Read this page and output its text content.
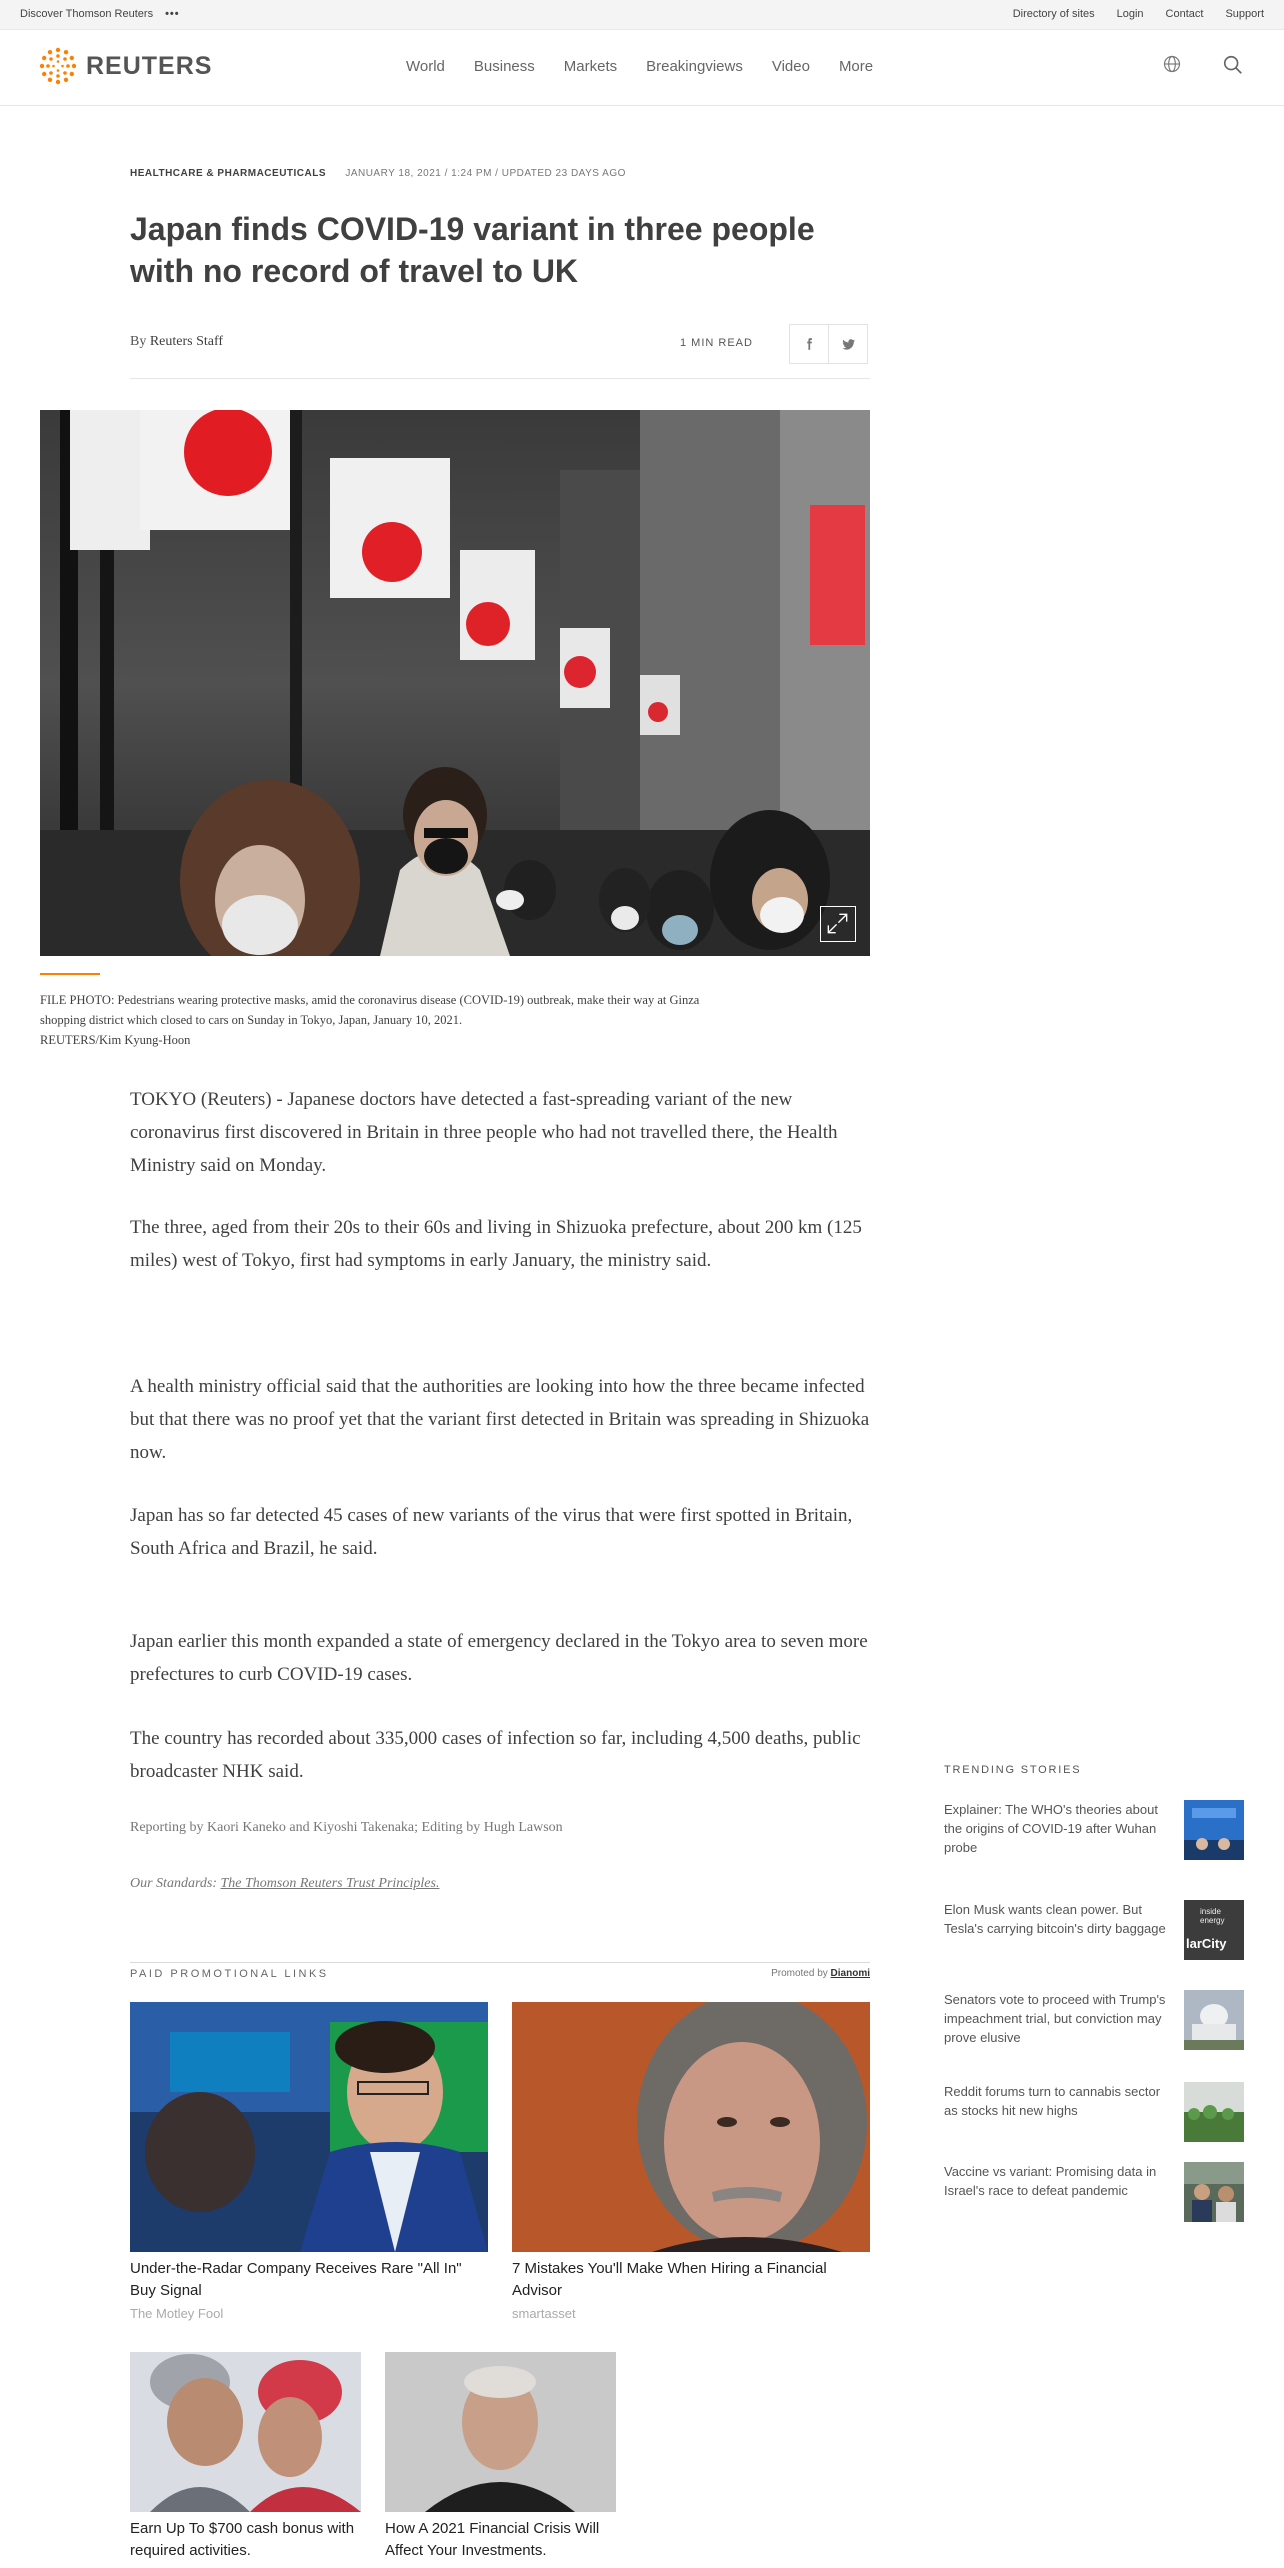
Discover Thomson Reuters •••	Directory of sites Login Contact Support
REUTERS	World Business Markets Breakingviews Video More
HEALTHCARE & PHARMACEUTICALS JANUARY 18, 2021 / 1:24 PM / UPDATED 23 DAYS AGO
Japan finds COVID-19 variant in three people with no record of travel to UK
By Reuters Staff	1 MIN READ
FILE PHOTO: Pedestrians wearing protective masks, amid the coronavirus disease (COVID-19) outbreak, make their way at Ginza shopping district which closed to cars on Sunday in Tokyo, Japan, January 10, 2021.
REUTERS/Kim Kyung-Hoon

TOKYO (Reuters) - Japanese doctors have detected a fast-spreading variant of the new coronavirus first discovered in Britain in three people who had not travelled there, the Health Ministry said on Monday.

The three, aged from their 20s to their 60s and living in Shizuoka prefecture, about 200 km (125 miles) west of Tokyo, first had symptoms in early January, the ministry said.

A health ministry official said that the authorities are looking into how the three became infected but that there was no proof yet that the variant first detected in Britain was spreading in Shizuoka now.

Japan has so far detected 45 cases of new variants of the virus that were first spotted in Britain, South Africa and Brazil, he said.

Japan earlier this month expanded a state of emergency declared in the Tokyo area to seven more prefectures to curb COVID-19 cases.

The country has recorded about 335,000 cases of infection so far, including 4,500 deaths, public broadcaster NHK said.

Reporting by Kaori Kaneko and Kiyoshi Takenaka; Editing by Hugh Lawson
Our Standards: The Thomson Reuters Trust Principles.
PAID PROMOTIONAL LINKS	Promoted by Dianomi
Under-the-Radar Company Receives Rare "All In" Buy Signal
The Motley Fool
7 Mistakes You'll Make When Hiring a Financial Advisor
smartasset
Earn Up To $700 cash bonus with required activities.
How A 2021 Financial Crisis Will Affect Your Investments.
TRENDING STORIES
Explainer: The WHO's theories about the origins of COVID-19 after Wuhan probe
Elon Musk wants clean power. But Tesla's carrying bitcoin's dirty baggage
inside
energy
larCity
Senators vote to proceed with Trump's impeachment trial, but conviction may prove elusive
Reddit forums turn to cannabis sector as stocks hit new highs
Vaccine vs variant: Promising data in Israel's race to defeat pandemic
